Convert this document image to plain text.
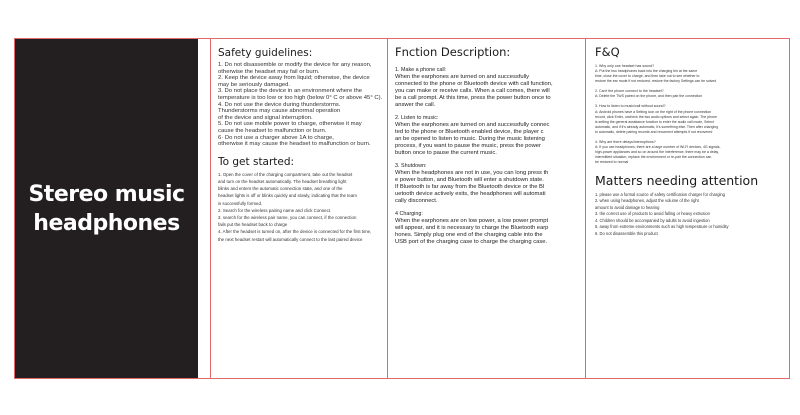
Stereo music
headphones

Safety guidelines:
1. Do not disassemble or modify the device for any reason,
otherwise the headset may fail or burn.
2. Keep the device away from liquid; otherwise, the device
may be seriously damaged.
3. Do not place the device in an environment where the
temperature is too low or too high (below 0° C or above 45° C).
4. Do not use the device during thunderstorms.
Thunderstorms may cause abnormal operation
of the device and signal interruption.
5. Do not use mobile power to charge, otherwise it may
cause the headset to malfunction or burn.
6· Do not use a charger above 1A to charge,
otherwise it may cause the headset to malfunction or burn.
To get started:
1. Open the cover of the charging compartment, take out the headset
and turn on the headset automatically. The headset breathing light
blinks and enters the automatic connection state, and one of the
headset lights is off or blinks quickly and slowly, indicating that the team
is successfully formed.
2. Search for the wireless pairing name and click Connect.
3. search for the wireless pair name, you can connect, if the connection
fails put the headset back to charge
4. After the headset is turned on, after the device is connected for the first time,
the next headset restart will automatically connect to the last paired device
Fnction Description:
1. Make a phone call:
When the earphones are turned on and successfully
connected to the phone or Bluetooth device with call function,
you can make or receive calls. When a call comes, there will
be a call prompt. At this time, press the power button once to
answer the call.
2. Listen to music:
When the earphones are turned on and successfully connec
ted to the phone or Bluetooth enabled device, the player c
an be opened to listen to music. During the music listening
process, if you want to pause the music, press the power
button once to pause the current music.
3. Shutdown:
When the headphones are not in use, you can long press th
e power button, and Bluetooth will enter a shutdown state.
If Bluetooth is far away from the Bluetooth device or the Bl
uetooth device actively exits, the headphones will automati
cally disconnect.
4 Charging:
When the earphones are on low power, a low power prompt
will appear, and it is necessary to charge the Bluetooth earp
hones. Simply plug one end of the charging cable into the
USB port of the charging case to charge the charging case.
F&Q
1. Why only one headset has sound?
A: Put the two headphones back into the charging bin at the same
time, close the cover to charge, and then take out to see whether to
restore the ear mode if not restored, restore the factory Settings can be solved
2. Can't the phone connect to the headset?
A: Delete the TWS paired on the phone, and then pair the connection
3. How to listen to music/call without sound?
A: Android phones have a Setting icon on the right of the phone connection
record, click Enter, uncheck the two audio options and select again. The phone
is setting the general assistance function to enter the audio call mode, Select
automatic, and if it's already automatic, it's something else. Then after changing
to automatic, delete pairing records and reconnect attempts if not recovered
4. Why are there delays/interruptions?
A: If you use headphones, there are a large number of Wi-Fi devices, 4G signals,
high-power appliances and so on around the interference, there may be a delay,
intermittent situation, replace the environment or re-pair the connection can
be restored to normal
Matters needing attention
1. please use a formal source of safety certification charger for charging
2. when using headphones, adjust the volume of the right
amount to avoid damage to hearing
3. the correct use of products to avoid falling or heavy extrusion
4. Children should be accompanied by adults to avoid ingestion
5. away from extreme environments such as high temperature or humidity
6. Do not disassemble this product
